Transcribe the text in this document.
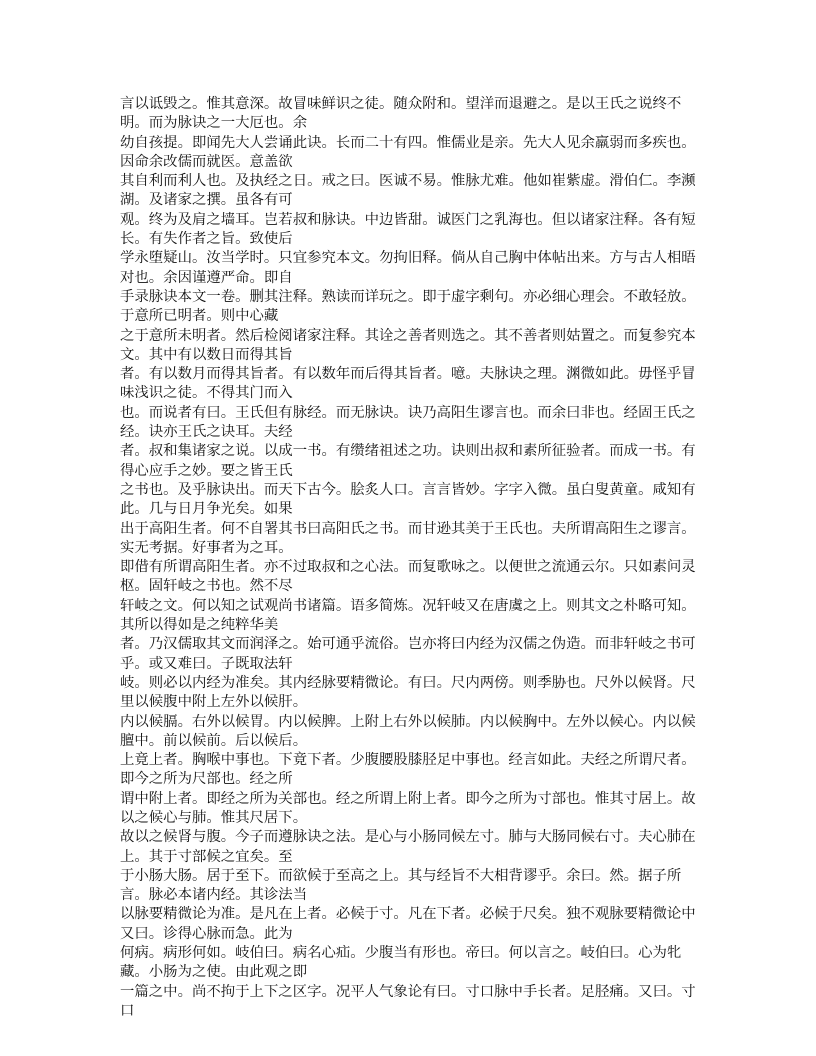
言以诋毁之。惟其意深。故冒味鲜识之徒。随众附和。望洋而退避之。是以王氏之说终不明。而为脉诀之一大厄也。余

幼自孩提。即闻先大人尝诵此诀。长而二十有四。惟儒业是亲。先大人见余羸弱而多疾也。因命余改儒而就医。意盖欲

其自利而利人也。及执经之日。戒之曰。医诚不易。惟脉尤难。他如崔紫虚。滑伯仁。李濒湖。及诸家之撰。虽各有可

观。终为及肩之墙耳。岂若叔和脉诀。中边皆甜。诚医门之乳海也。但以诸家注释。各有短长。有失作者之旨。致使后

学永堕疑山。汝当学时。只宜参究本文。勿拘旧释。倘从自己胸中体帖出来。方与古人相晤对也。余因谨遵严命。即自

手录脉诀本文一卷。删其注释。熟读而详玩之。即于虚字剩句。亦必细心理会。不敢轻放。于意所已明者。则中心藏

之于意所未明者。然后检阅诸家注释。其诠之善者则选之。其不善者则姑置之。而复参究本文。其中有以数日而得其旨

者。有以数月而得其旨者。有以数年而后得其旨者。噫。夫脉诀之理。渊微如此。毋怪乎冒味浅识之徒。不得其门而入

也。而说者有曰。王氏但有脉经。而无脉诀。诀乃高阳生谬言也。而余曰非也。经固王氏之经。诀亦王氏之诀耳。夫经

者。叔和集诸家之说。以成一书。有缵绪祖述之功。诀则出叔和素所征验者。而成一书。有得心应手之妙。要之皆王氏

之书也。及乎脉诀出。而天下古今。脍炙人口。言言皆妙。字字入微。虽白叟黄童。咸知有此。几与日月争光矣。如果

出于高阳生者。何不自署其书曰高阳氏之书。而甘逊其美于王氏也。夫所谓高阳生之谬言。实无考据。好事者为之耳。

即借有所谓高阳生者。亦不过取叔和之心法。而复歌咏之。以便世之流通云尔。只如素问灵枢。固轩岐之书也。然不尽

轩岐之文。何以知之试观尚书诸篇。语多简炼。况轩岐又在唐虞之上。则其文之朴略可知。其所以得如是之纯粹华美

者。乃汉儒取其文而润泽之。始可通乎流俗。岂亦将曰内经为汉儒之伪造。而非轩岐之书可乎。或又难曰。子既取法轩

岐。则必以内经为准矣。其内经脉要精微论。有曰。尺内两傍。则季胁也。尺外以候肾。尺里以候腹中附上左外以候肝。

内以候膈。右外以候胃。内以候脾。上附上右外以候肺。内以候胸中。左外以候心。内以候膻中。前以候前。后以候后。

上竟上者。胸喉中事也。下竟下者。少腹腰股膝胫足中事也。经言如此。夫经之所谓尺者。即今之所为尺部也。经之所

谓中附上者。即经之所为关部也。经之所谓上附上者。即今之所为寸部也。惟其寸居上。故以之候心与肺。惟其尺居下。

故以之候肾与腹。今子而遵脉诀之法。是心与小肠同候左寸。肺与大肠同候右寸。夫心肺在上。其于寸部候之宜矣。至

于小肠大肠。居于至下。而欲候于至高之上。其与经旨不大相背谬乎。余曰。然。据子所言。脉必本诸内经。其诊法当

以脉要精微论为准。是凡在上者。必候于寸。凡在下者。必候于尺矣。独不观脉要精微论中又曰。诊得心脉而急。此为

何病。病形何如。岐伯曰。病名心疝。少腹当有形也。帝曰。何以言之。岐伯曰。心为牝藏。小肠为之使。由此观之即

一篇之中。尚不拘于上下之区字。况平人气象论有曰。寸口脉中手长者。足胫痛。又曰。寸口
